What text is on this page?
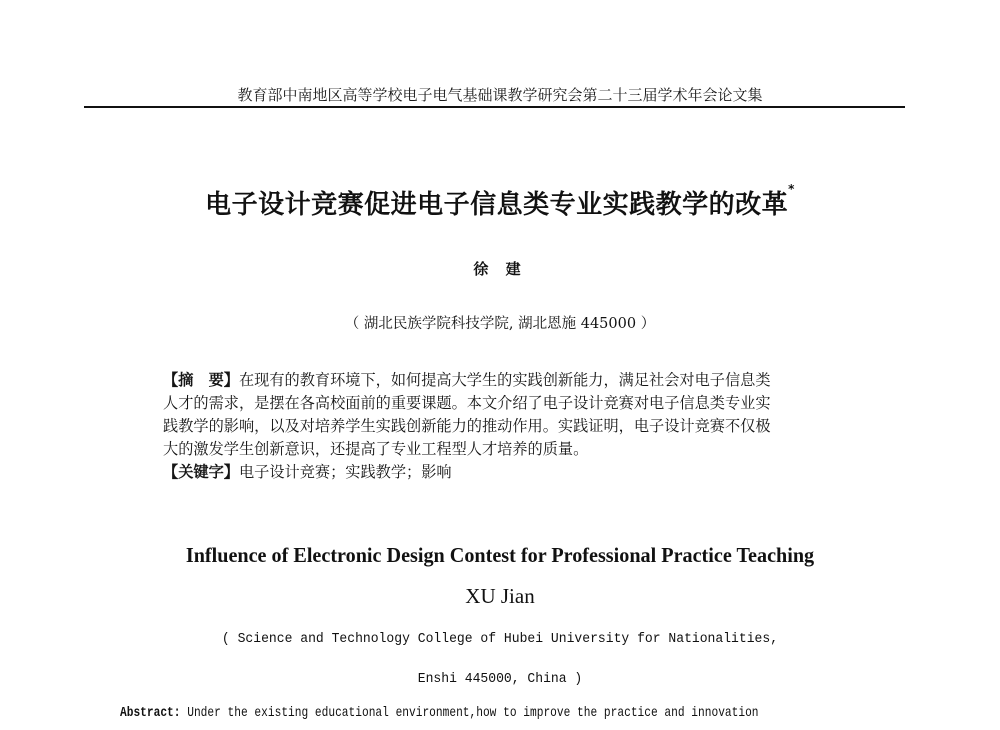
教育部中南地区高等学校电子电气基础课教学研究会第二十三届学术年会论文集
电子设计竞赛促进电子信息类专业实践教学的改革*
徐 建
（ 湖北民族学院科技学院, 湖北恩施 445000 ）
【摘　要】在现有的教育环境下，如何提高大学生的实践创新能力，满足社会对电子信息类
人才的需求，是摆在各高校面前的重要课题。本文介绍了电子设计竞赛对电子信息类专业实
践教学的影响，以及对培养学生实践创新能力的推动作用。实践证明，电子设计竞赛不仅极
大的激发学生创新意识，还提高了专业工程型人才培养的质量。
【关键字】电子设计竞赛；实践教学；影响
Influence of Electronic Design Contest for Professional Practice Teaching
XU Jian
( Science and Technology College of Hubei University for Nationalities,
Enshi 445000, China )
Abstract: Under the existing educational environment,how to improve the practice and innovation
